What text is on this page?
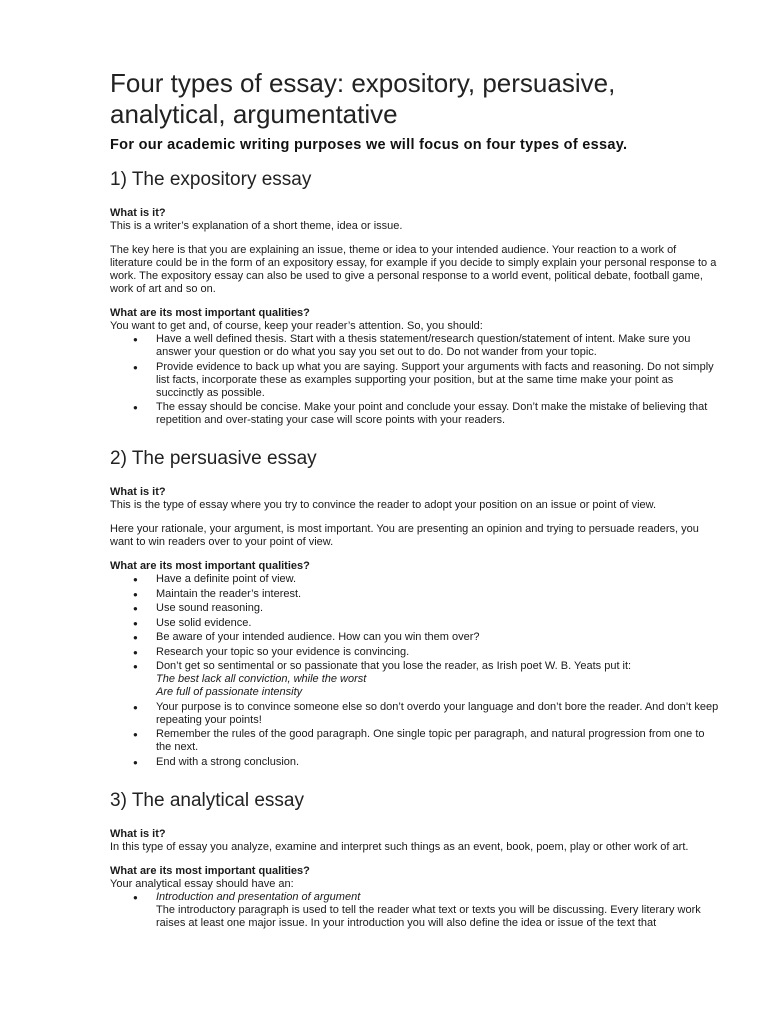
Four types of essay: expository, persuasive, analytical, argumentative

For our academic writing purposes we will focus on four types of essay.

1) The expository essay

What is it?

This is a writer’s explanation of a short theme, idea or issue.

The key here is that you are explaining an issue, theme or idea to your intended audience. Your reaction to a work of literature could be in the form of an expository essay, for example if you decide to simply explain your personal response to a work. The expository essay can also be used to give a personal response to a world event, political debate, football game, work of art and so on.

What are its most important qualities?

You want to get and, of course, keep your reader’s attention. So, you should:

● Have a well defined thesis. Start with a thesis statement/research question/statement of intent. Make sure you answer your question or do what you say you set out to do. Do not wander from your topic.
● Provide evidence to back up what you are saying. Support your arguments with facts and reasoning. Do not simply list facts, incorporate these as examples supporting your position, but at the same time make your point as succinctly as possible.
● The essay should be concise. Make your point and conclude your essay. Don’t make the mistake of believing that repetition and over-stating your case will score points with your readers.
2) The persuasive essay

What is it?

This is the type of essay where you try to convince the reader to adopt your position on an issue or point of view.

Here your rationale, your argument, is most important. You are presenting an opinion and trying to persuade readers, you want to win readers over to your point of view.

What are its most important qualities?

● Have a definite point of view.
● Maintain the reader’s interest.
● Use sound reasoning.
● Use solid evidence.
● Be aware of your intended audience. How can you win them over?
● Research your topic so your evidence is convincing.
● Don’t get so sentimental or so passionate that you lose the reader, as Irish poet W. B. Yeats put it:
The best lack all conviction, while the worst
Are full of passionate intensity
● Your purpose is to convince someone else so don’t overdo your language and don’t bore the reader. And don’t keep repeating your points!
● Remember the rules of the good paragraph. One single topic per paragraph, and natural progression from one to the next.
● End with a strong conclusion.
3) The analytical essay

What is it?

In this type of essay you analyze, examine and interpret such things as an event, book, poem, play or other work of art.

What are its most important qualities?

Your analytical essay should have an:

● Introduction and presentation of argument
The introductory paragraph is used to tell the reader what text or texts you will be discussing. Every literary work raises at least one major issue. In your introduction you will also define the idea or issue of the text that
